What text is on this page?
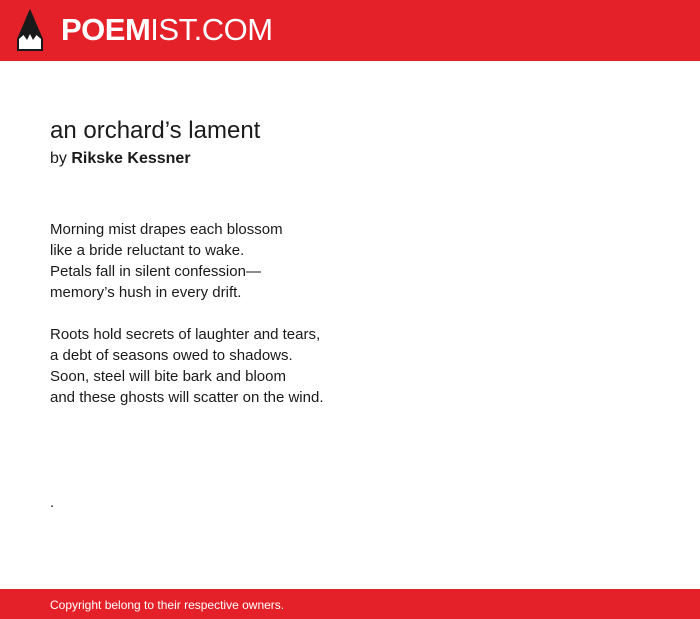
POEMIST.COM
an orchard’s lament
by Rikske Kessner
Morning mist drapes each blossom
like a bride reluctant to wake.
Petals fall in silent confession—
memory’s hush in every drift.
Roots hold secrets of laughter and tears,
a debt of seasons owed to shadows.
Soon, steel will bite bark and bloom
and these ghosts will scatter on the wind.
.
Copyright belong to their respective owners.
